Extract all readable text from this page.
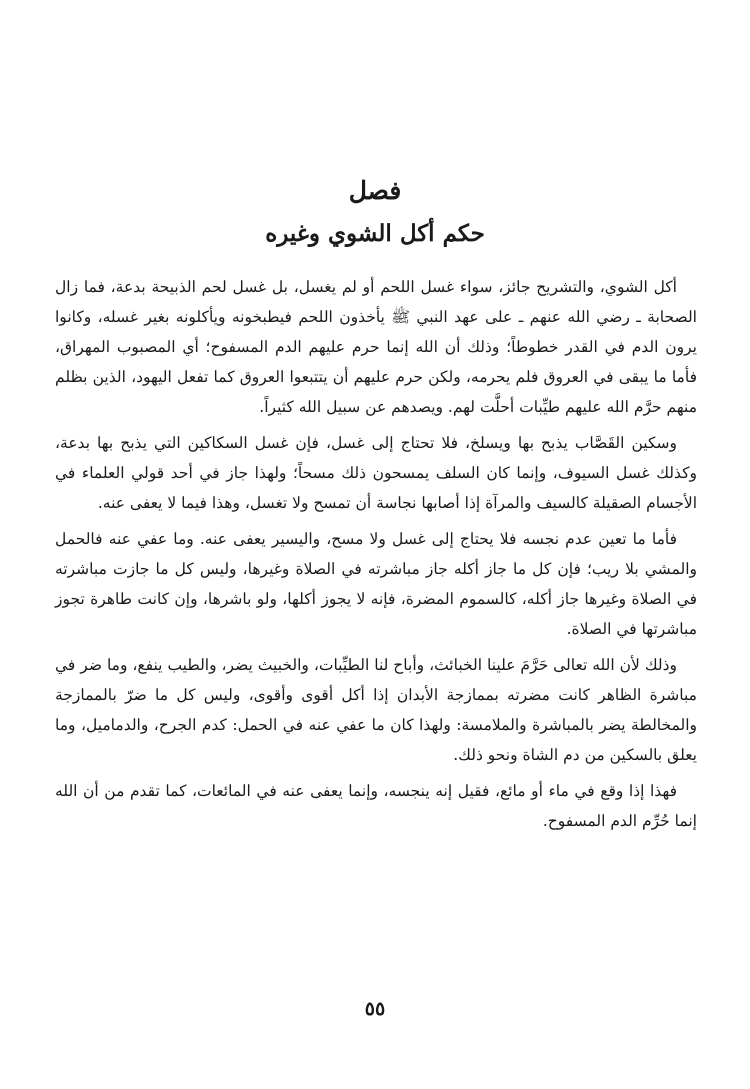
فصل
حكم أكل الشوي وغيره

أكل الشوي، والتشريح جائز، سواء غسل اللحم أو لم يغسل، بل غسل لحم الذبيحة بدعة، فما زال الصحابة ـ رضي الله عنهم ـ على عهد النبي ﷺ يأخذون اللحم فيطبخونه ويأكلونه بغير غسله، وكانوا يرون الدم في القدر خطوطاً؛ وذلك أن الله إنما حرم عليهم الدم المسفوح؛ أي المصبوب المهراق، فأما ما يبقى في العروق فلم يحرمه، ولكن حرم عليهم أن يتتبعوا العروق كما تفعل اليهود، الذين بظلم منهم حرَّم الله عليهم طيِّبات أحلَّت لهم. ويصدهم عن سبيل الله كثيراً.

وسكين القَصَّاب يذبح بها ويسلخ، فلا تحتاج إلى غسل، فإن غسل السكاكين التي يذبح بها بدعة، وكذلك غسل السيوف، وإنما كان السلف يمسحون ذلك مسحاً؛ ولهذا جاز في أحد قولي العلماء في الأجسام الصقيلة كالسيف والمرآة إذا أصابها نجاسة أن تمسح ولا تغسل، وهذا فيما لا يعفى عنه.

فأما ما تعين عدم نجسه فلا يحتاج إلى غسل ولا مسح، واليسير يعفى عنه. وما عفي عنه فالحمل والمشي بلا ريب؛ فإن كل ما جاز أكله جاز مباشرته في الصلاة وغيرها، وليس كل ما جازت مباشرته في الصلاة وغيرها جاز أكله، كالسموم المضرة، فإنه لا يجوز أكلها، ولو باشرها، وإن كانت طاهرة تجوز مباشرتها في الصلاة.

وذلك لأن الله تعالى حَرَّمَ علينا الخبائث، وأباح لنا الطيِّبات، والخبيث يضر، والطيب ينفع، وما ضر في مباشرة الظاهر كانت مضرته بممازجة الأبدان إذا أكل أقوى وأقوى، وليس كل ما ضرّ بالممازجة والمخالطة يضر بالمباشرة والملامسة: ولهذا كان ما عفي عنه في الحمل: كدم الجرح، والدماميل، وما يعلق بالسكين من دم الشاة ونحو ذلك.

فهذا إذا وقع في ماء أو مائع، فقيل إنه ينجسه، وإنما يعفى عنه في المائعات، كما تقدم من أن الله إنما حُرِّم الدم المسفوح.

٥٥
